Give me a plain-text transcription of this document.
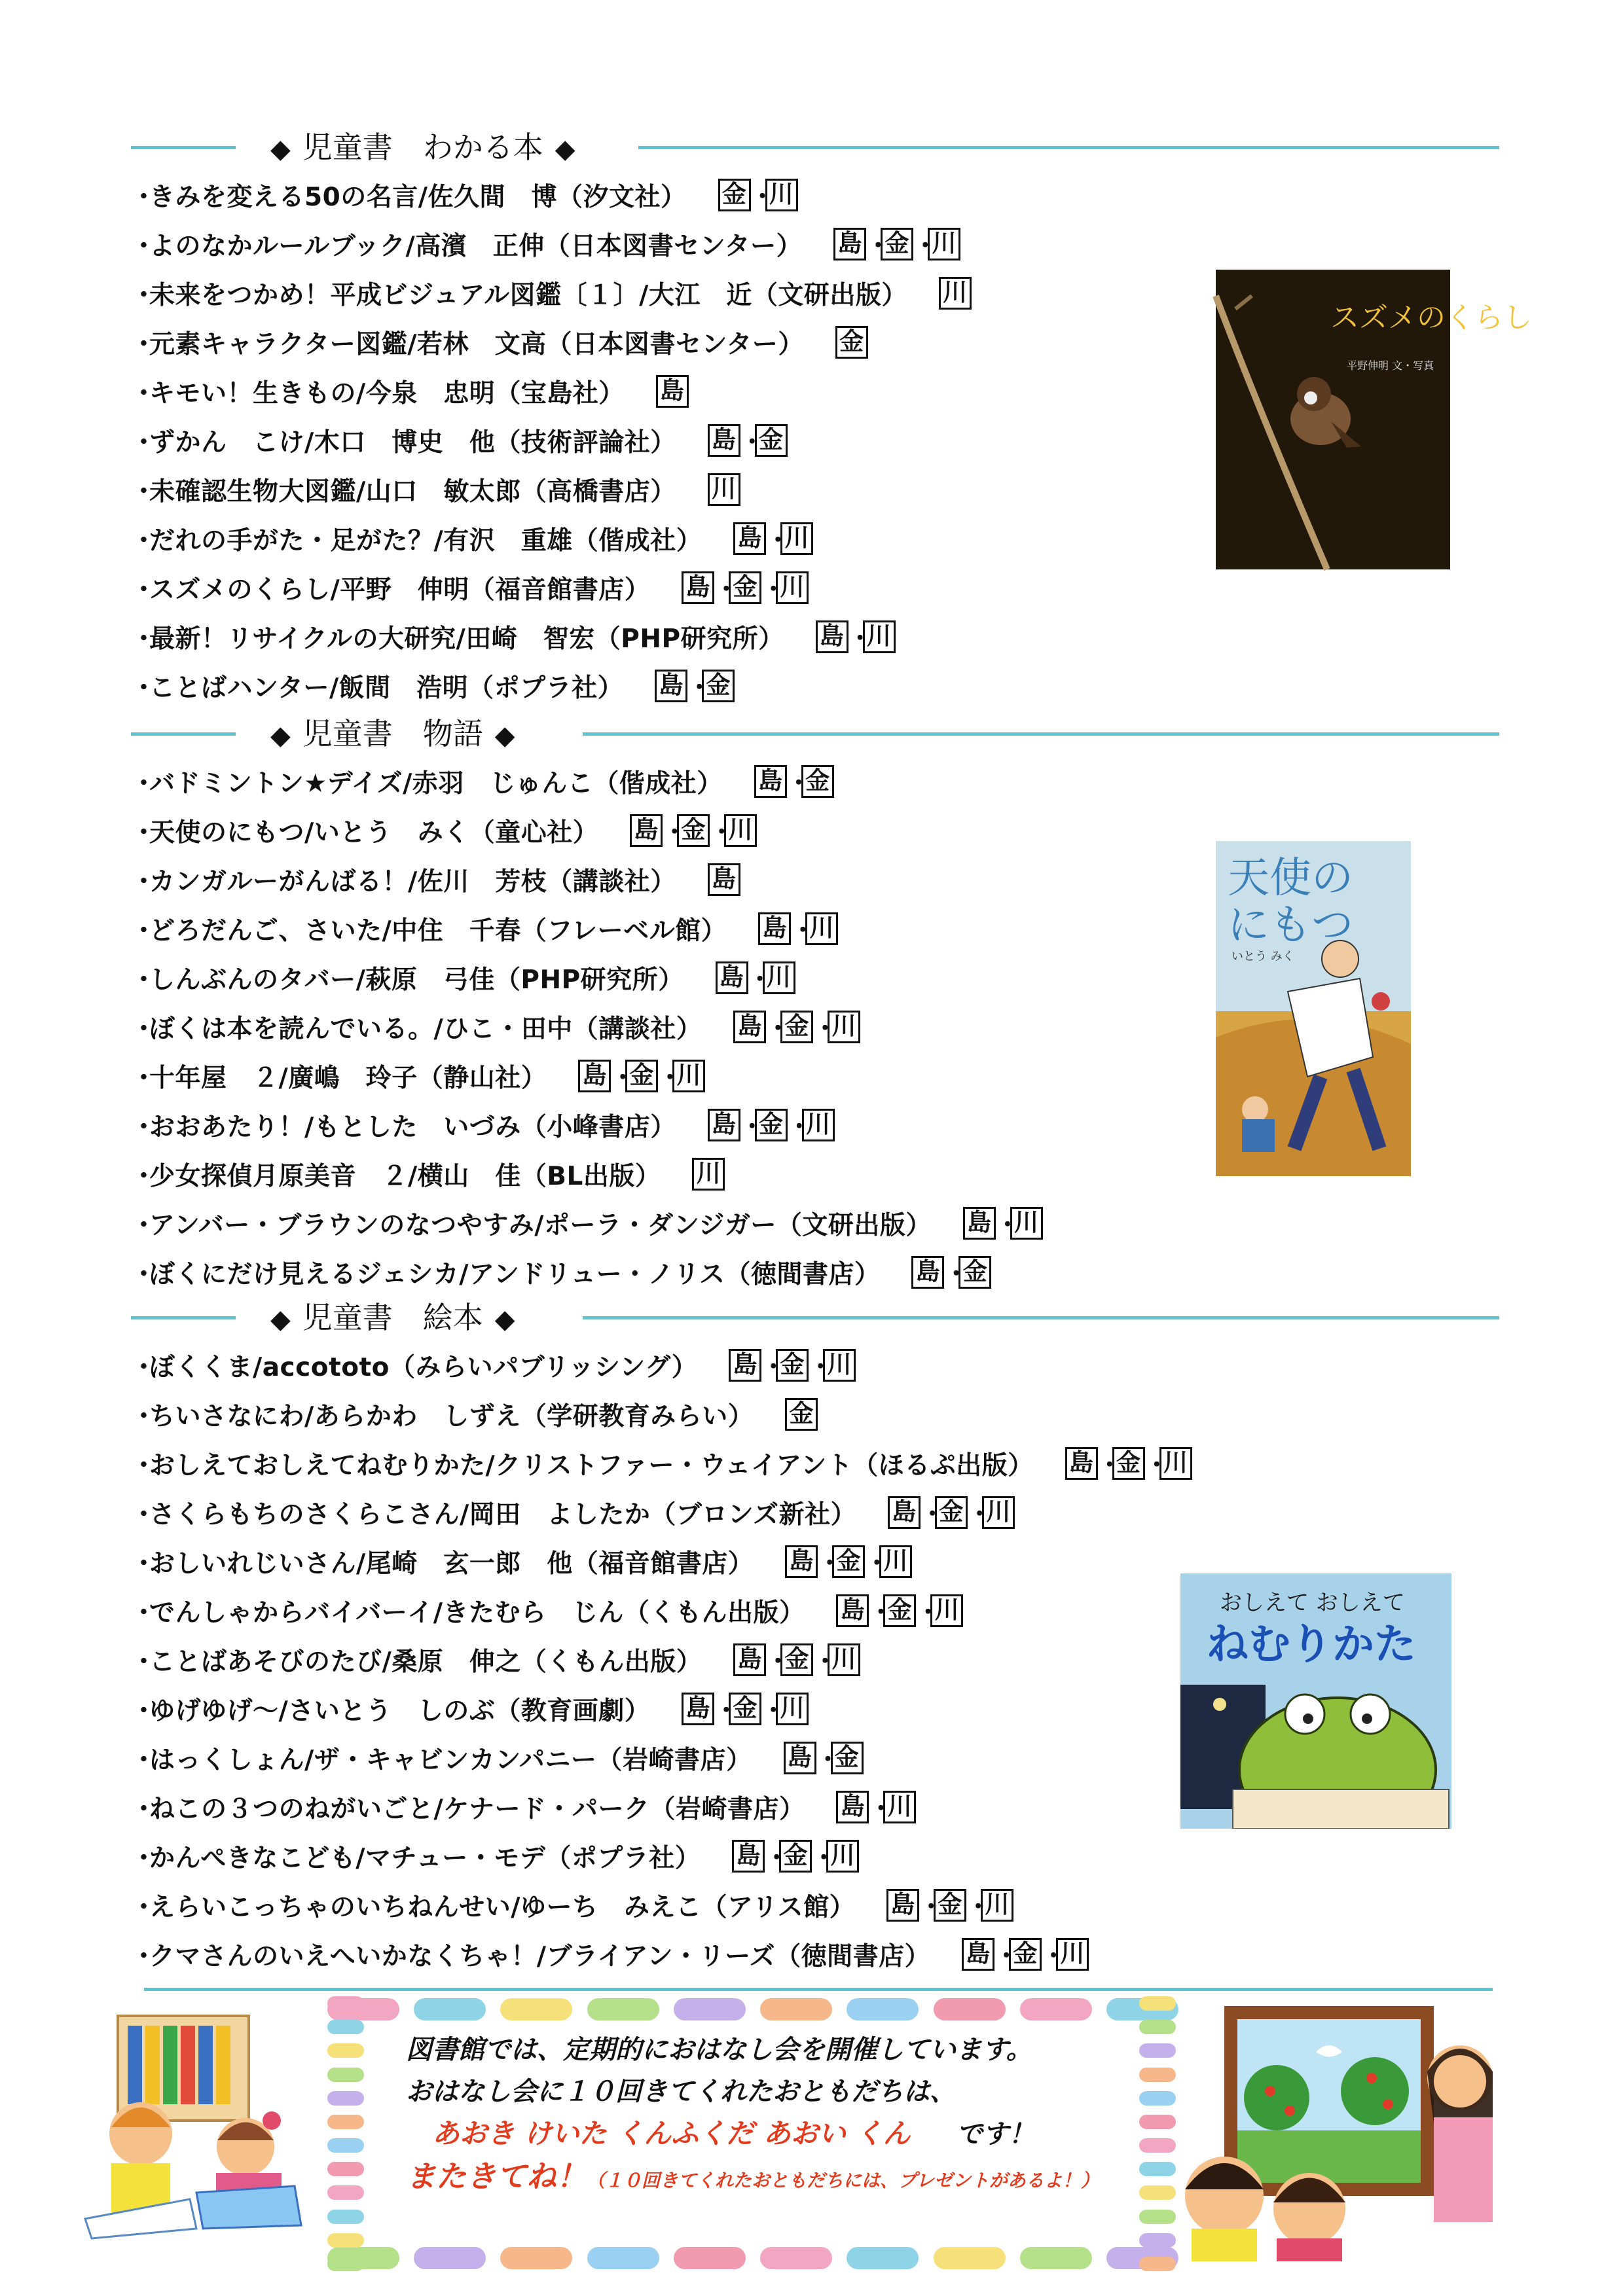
◆ 児童書　わかる本 ◆
・
きみを変える50の名言/佐久間　博（汐文社） 金 ・
川
・
よのなかルールブック/高濱　正伸（日本図書センター） 島 ・
金 ・
川
・
未来をつかめ！平成ビジュアル図鑑〔１〕/大江　近（文研出版） 川
・
元素キャラクター図鑑/若林　文高（日本図書センター） 金
・
キモい！生きもの/今泉　忠明（宝島社） 島
・
ずかん　こけ/木口　博史　他（技術評論社） 島 ・
金
・
未確認生物大図鑑/山口　敏太郎（高橋書店） 川
・
だれの手がた・足がた？/有沢　重雄（偕成社） 島 ・
川
・
スズメのくらし/平野　伸明（福音館書店） 島 ・
金 ・
川
・
最新！リサイクルの大研究/田崎　智宏（PHP研究所） 島 ・
川
・
ことばハンター/飯間　浩明（ポプラ社） 島 ・
金
◆ 児童書　物語 ◆
・
バドミントン★デイズ/赤羽　じゅんこ（偕成社） 島 ・
金
・
天使のにもつ/いとう　みく（童心社） 島 ・
金 ・
川
・
カンガルーがんばる！/佐川　芳枝（講談社） 島
・
どろだんご、さいた/中住　千春（フレーベル館） 島 ・
川
・
しんぶんのタバー/萩原　弓佳（PHP研究所） 島 ・
川
・
ぼくは本を読んでいる。/ひこ・田中（講談社） 島 ・
金 ・
川
・
十年屋　２/廣嶋　玲子（静山社） 島 ・
金 ・
川
・
おおあたり！/もとした　いづみ（小峰書店） 島 ・
金 ・
川
・
少女探偵月原美音　２/横山　佳（BL出版） 川
・
アンバー・ブラウンのなつやすみ/ポーラ・ダンジガー（文研出版） 島 ・
川
・
ぼくにだけ見えるジェシカ/アンドリュー・ノリス（徳間書店） 島 ・
金
◆ 児童書　絵本 ◆
・
ぼくくま/accototo（みらいパブリッシング） 島 ・
金 ・
川
・
ちいさなにわ/あらかわ　しずえ（学研教育みらい） 金
・
おしえておしえてねむりかた/クリストファー・ウェイアント（ほるぷ出版） 島 ・
金 ・
川
・
さくらもちのさくらこさん/岡田　よしたか（ブロンズ新社） 島 ・
金 ・
川
・
おしいれじいさん/尾崎　玄一郎　他（福音館書店） 島 ・
金 ・
川
・
でんしゃからバイバーイ/きたむら　じん（くもん出版） 島 ・
金 ・
川
・
ことばあそびのたび/桑原　伸之（くもん出版） 島 ・
金 ・
川
・
ゆげゆげ～/さいとう　しのぶ（教育画劇） 島 ・
金 ・
川
・
はっくしょん/ザ・キャビンカンパニー（岩崎書店） 島 ・
金
・
ねこの３つのねがいごと/ケナード・パーク（岩崎書店） 島 ・
川
・
かんぺきなこども/マチュー・モデ（ポプラ社） 島 ・
金 ・
川
・
えらいこっちゃのいちねんせい/ゆーち　みえこ（アリス館） 島 ・
金 ・
川
・
クマさんのいえへいかなくちゃ！/ブライアン・リーズ（徳間書店） 島 ・
金 ・
川
スズメのくらし
平野伸明 文・写真
天使の
にもつ
いとう みく
おしえて おしえて
ねむりかた
図書館では、定期的におはなし会を開催しています。
おはなし会に１０回きてくれたおともだちは、
あおき けいた くんふくだ あおい くん です！
またきてね！（１０回きてくれたおともだちには、プレゼントがあるよ！）
